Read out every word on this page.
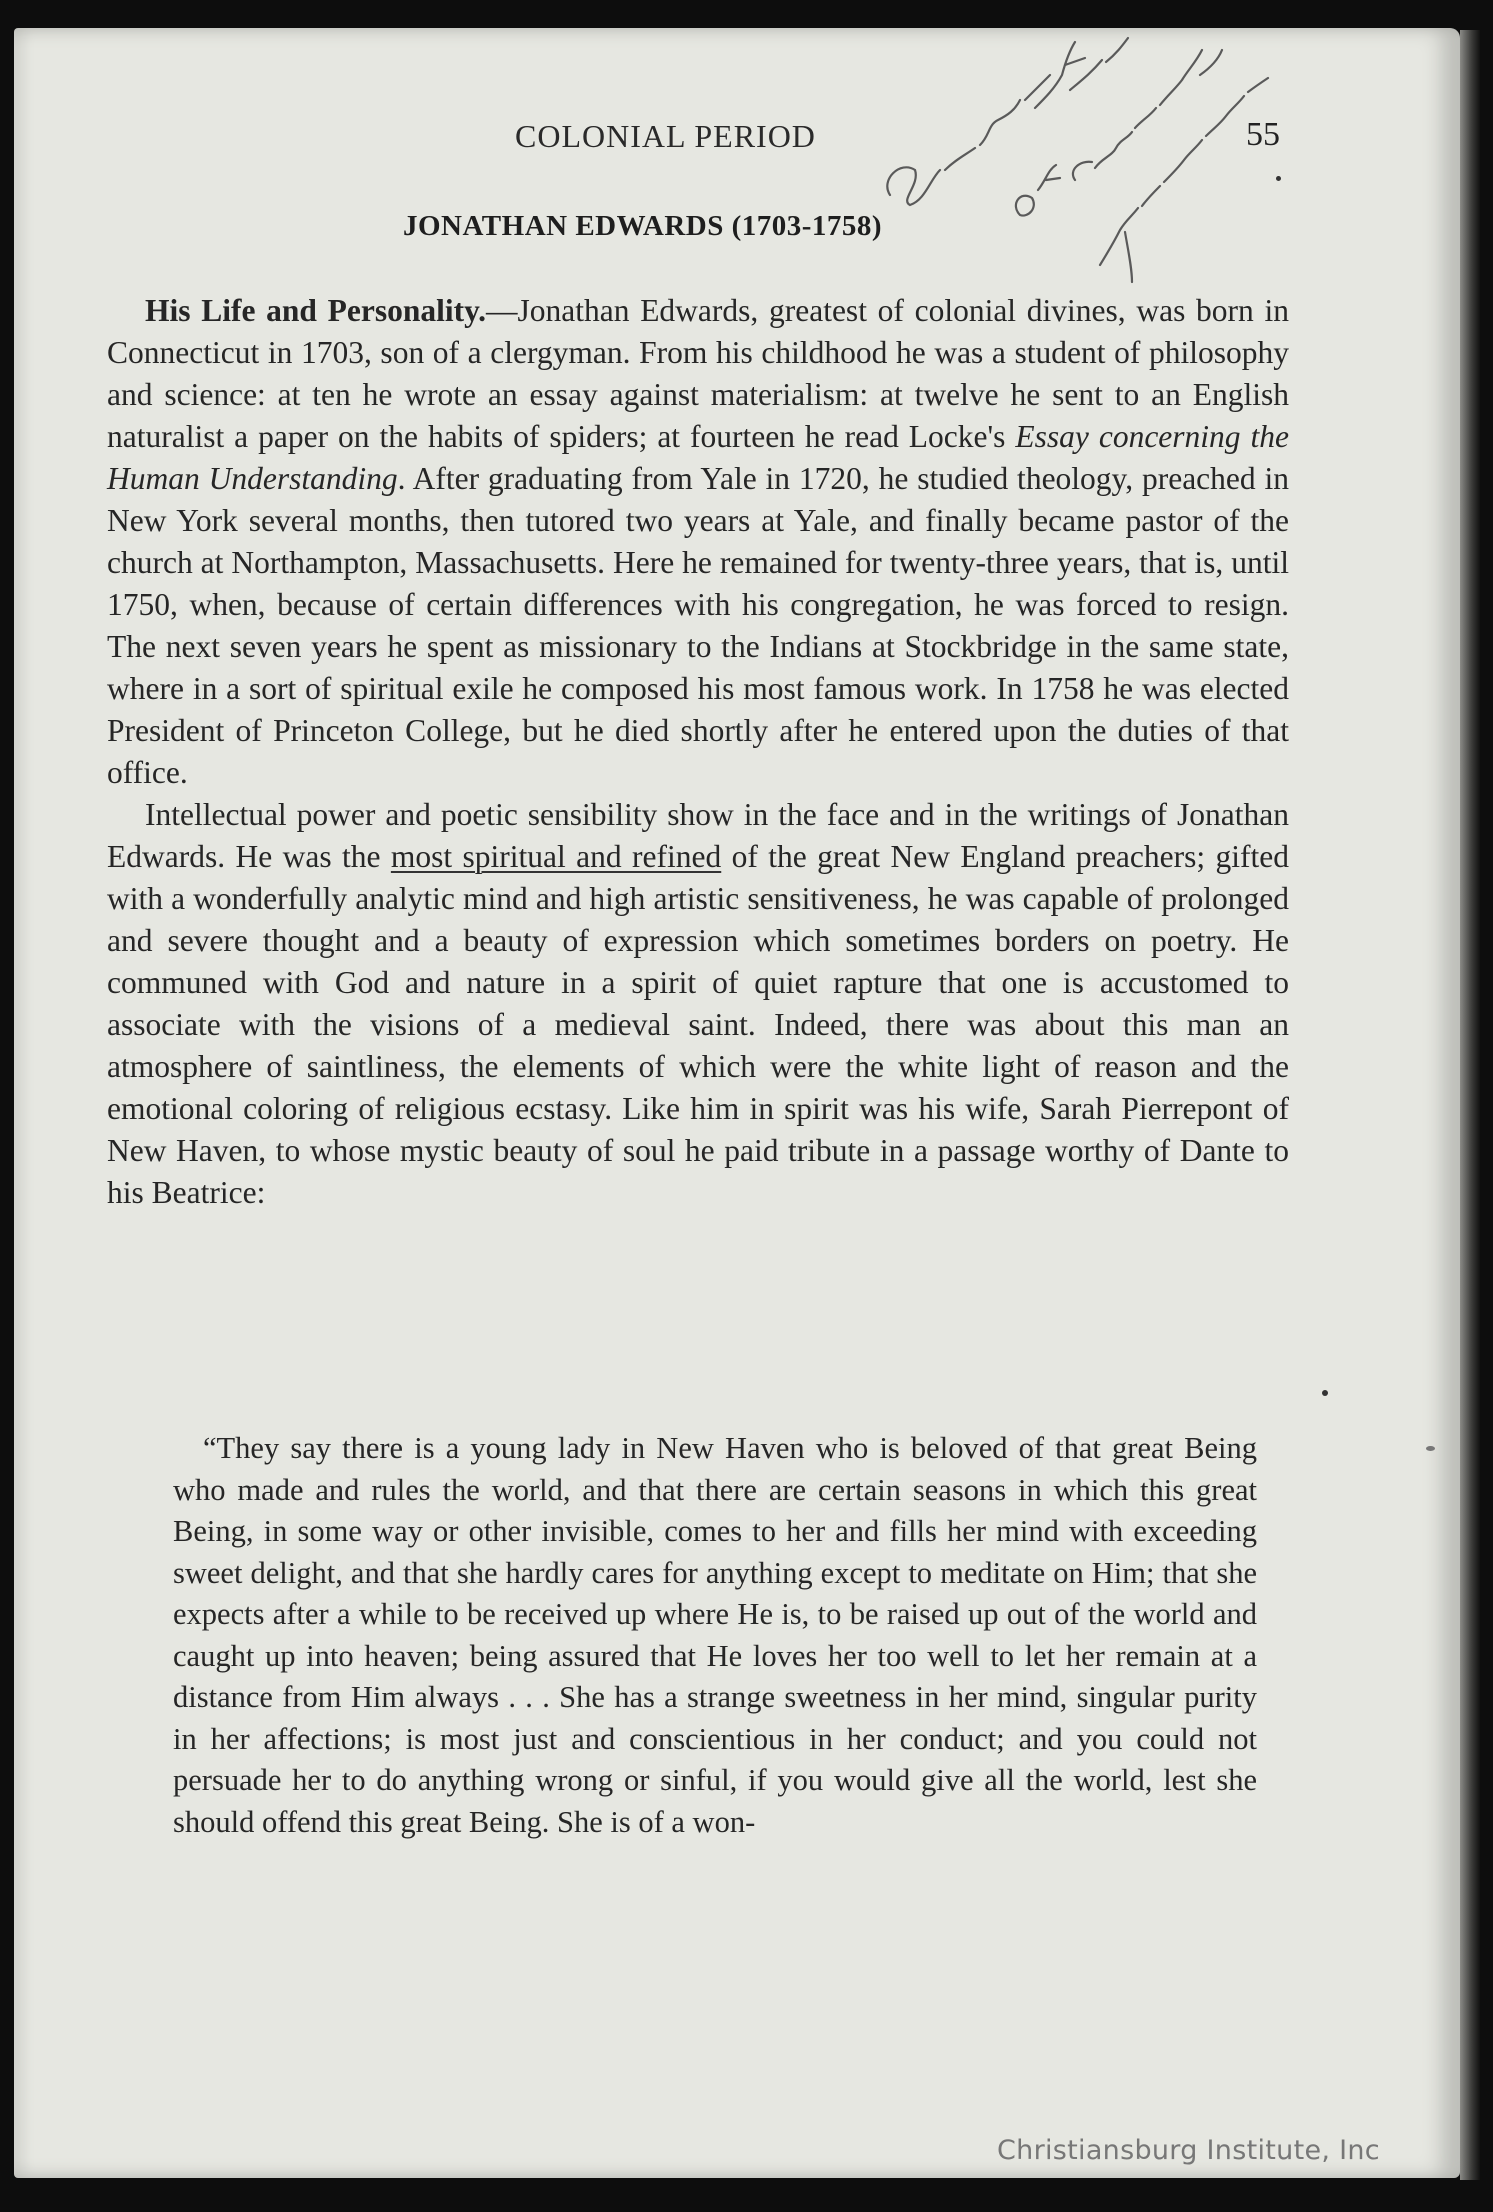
COLONIAL PERIOD	55
JONATHAN EDWARDS (1703-1758)

His Life and Personality.—Jonathan Edwards, greatest of colonial divines, was born in Connecticut in 1703, son of a clergyman. From his childhood he was a student of philosophy and science: at ten he wrote an essay against materialism: at twelve he sent to an English naturalist a paper on the habits of spiders; at fourteen he read Locke's Essay concerning the Human Understanding. After graduating from Yale in 1720, he studied theology, preached in New York several months, then tutored two years at Yale, and finally became pastor of the church at Northampton, Massachusetts. Here he remained for twenty-three years, that is, until 1750, when, because of certain differences with his congregation, he was forced to resign. The next seven years he spent as missionary to the Indians at Stockbridge in the same state, where in a sort of spiritual exile he composed his most famous work. In 1758 he was elected President of Princeton College, but he died shortly after he entered upon the duties of that office.

Intellectual power and poetic sensibility show in the face and in the writings of Jonathan Edwards. He was the most spiritual and refined of the great New England preachers; gifted with a wonderfully analytic mind and high artistic sensitiveness, he was capable of prolonged and severe thought and a beauty of expression which sometimes borders on poetry. He communed with God and nature in a spirit of quiet rapture that one is accustomed to associate with the visions of a medieval saint. Indeed, there was about this man an atmosphere of saintliness, the elements of which were the white light of reason and the emotional coloring of religious ecstasy. Like him in spirit was his wife, Sarah Pierrepont of New Haven, to whose mystic beauty of soul he paid tribute in a passage worthy of Dante to his Beatrice:

“They say there is a young lady in New Haven who is beloved of that great Being who made and rules the world, and that there are certain seasons in which this great Being, in some way or other invisible, comes to her and fills her mind with exceeding sweet delight, and that she hardly cares for anything except to meditate on Him; that she expects after a while to be received up where He is, to be raised up out of the world and caught up into heaven; being assured that He loves her too well to let her remain at a distance from Him always . . . She has a strange sweetness in her mind, singular purity in her affections; is most just and conscientious in her conduct; and you could not persuade her to do anything wrong or sinful, if you would give all the world, lest she should offend this great Being. She is of a won-

Christiansburg Institute, Inc
